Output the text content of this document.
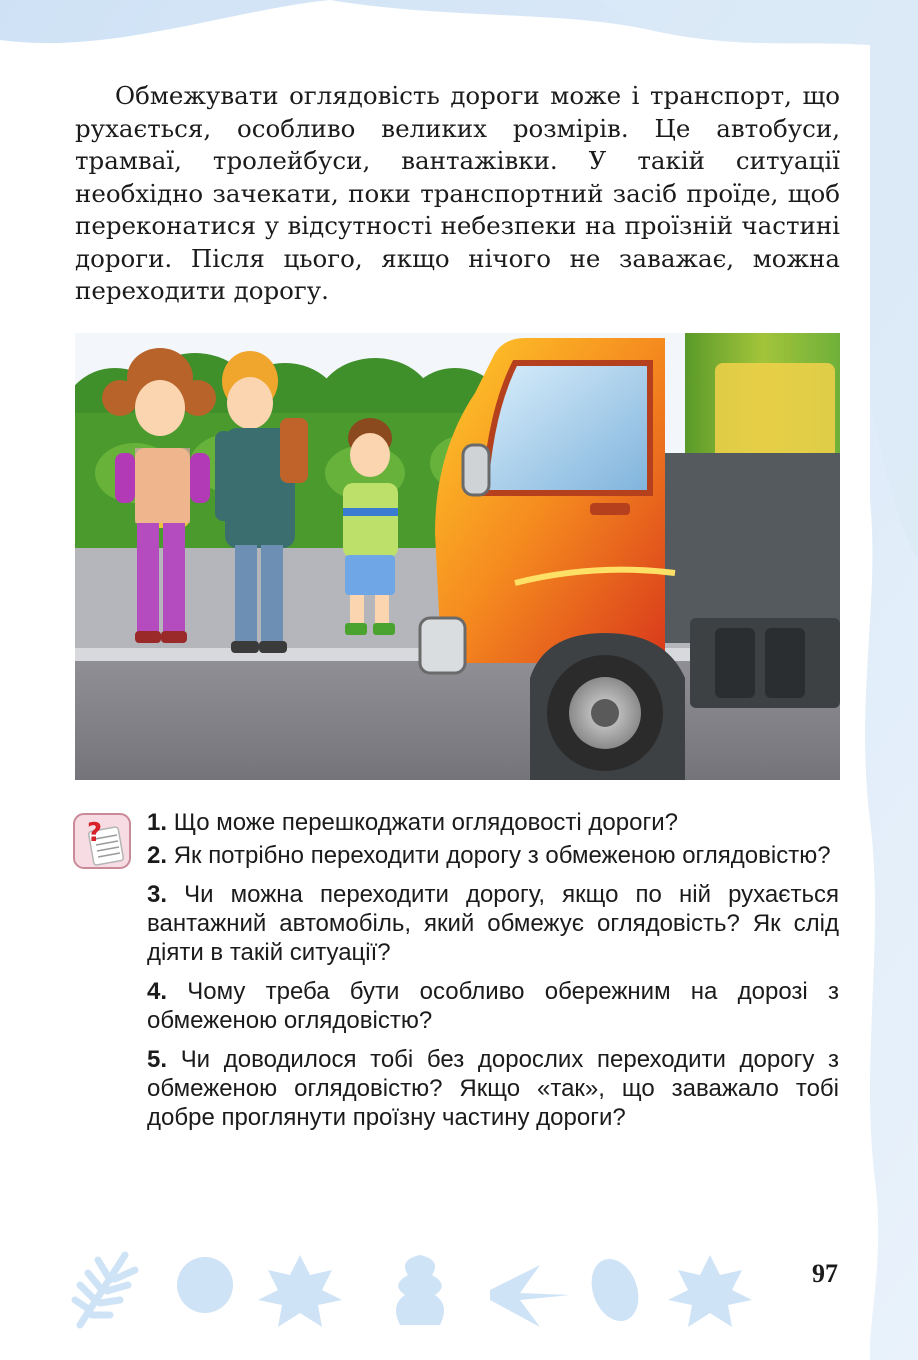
Обмежувати оглядовість дороги може і транспорт, що рухається, особливо великих розмірів. Це автобуси, трамваї, тролейбуси, вантажівки. У такій ситуації необхідно зачекати, поки транспортний засіб проїде, щоб переконатися у відсутності небезпеки на проїзній частині дороги. Після цього, якщо нічого не заважає, можна переходити дорогу.

? 1. Що може перешкоджати оглядовості дороги?

2. Як потрібно переходити дорогу з обмеженою оглядовістю?

3. Чи можна переходити дорогу, якщо по ній рухається вантажний автомобіль, який обмежує оглядовість? Як слід діяти в такій ситуації?

4. Чому треба бути особливо обережним на дорозі з обмеженою оглядовістю?

5. Чи доводилося тобі без дорослих переходити дорогу з обмеженою оглядовістю? Якщо «так», що заважало тобі добре проглянути проїзну частину дороги?

97
